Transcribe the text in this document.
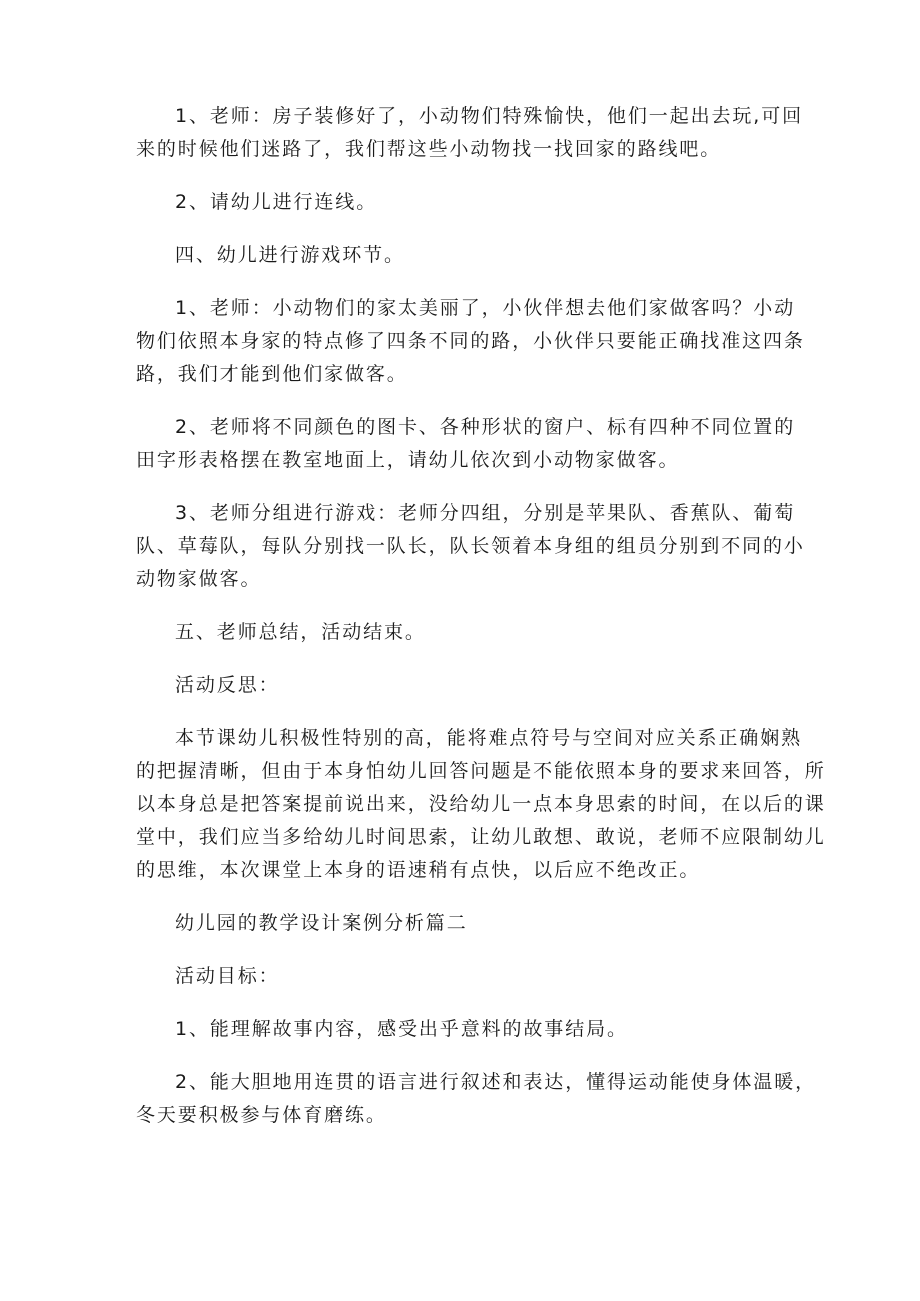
1、老师：房子装修好了，小动物们特殊愉快，他们一起出去玩,可回
来的时候他们迷路了，我们帮这些小动物找一找回家的路线吧。

2、请幼儿进行连线。

四、幼儿进行游戏环节。

1、老师：小动物们的家太美丽了，小伙伴想去他们家做客吗？小动
物们依照本身家的特点修了四条不同的路，小伙伴只要能正确找准这四条
路，我们才能到他们家做客。

2、老师将不同颜色的图卡、各种形状的窗户、标有四种不同位置的
田字形表格摆在教室地面上，请幼儿依次到小动物家做客。

3、老师分组进行游戏：老师分四组，分别是苹果队、香蕉队、葡萄
队、草莓队，每队分别找一队长，队长领着本身组的组员分别到不同的小
动物家做客。

五、老师总结，活动结束。

活动反思：

本节课幼儿积极性特别的高，能将难点符号与空间对应关系正确娴熟
的把握清晰，但由于本身怕幼儿回答问题是不能依照本身的要求来回答，所
以本身总是把答案提前说出来，没给幼儿一点本身思索的时间，在以后的课
堂中，我们应当多给幼儿时间思索，让幼儿敢想、敢说，老师不应限制幼儿
的思维，本次课堂上本身的语速稍有点快，以后应不绝改正。

幼儿园的教学设计案例分析篇二

活动目标：

1、能理解故事内容，感受出乎意料的故事结局。

2、能大胆地用连贯的语言进行叙述和表达，懂得运动能使身体温暖，
冬天要积极参与体育磨练。
